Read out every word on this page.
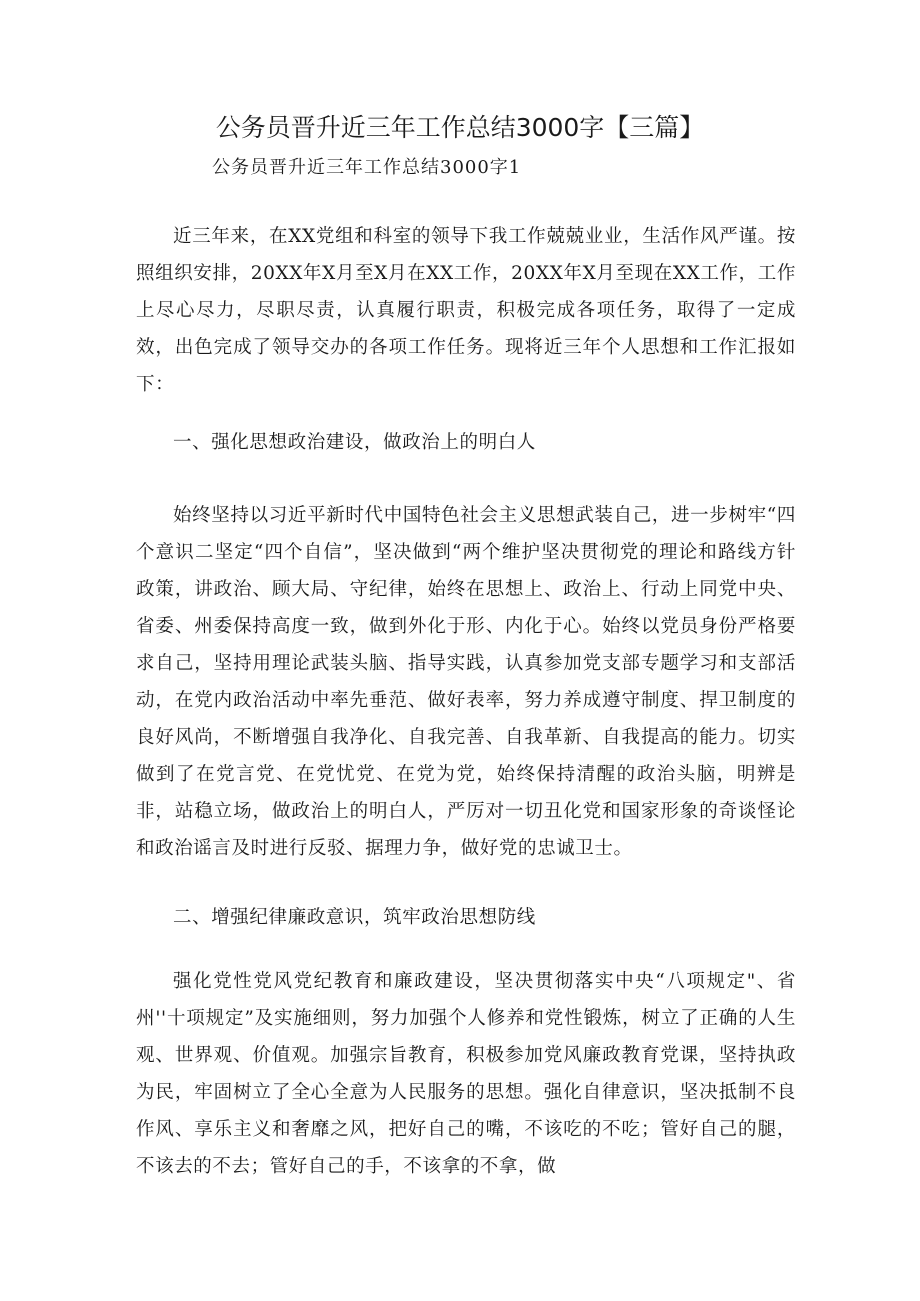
公务员晋升近三年工作总结3000字【三篇】
公务员晋升近三年工作总结3000字1

近三年来，在XX党组和科室的领导下我工作兢兢业业，生活作风严谨。按照组织安排，20XX年X月至X月在XX工作，20XX年X月至现在XX工作，工作上尽心尽力，尽职尽责，认真履行职责，积极完成各项任务，取得了一定成效，出色完成了领导交办的各项工作任务。现将近三年个人思想和工作汇报如下：

一、强化思想政治建设，做政治上的明白人

始终坚持以习近平新时代中国特色社会主义思想武装自己，进一步树牢“四个意识二坚定“四个自信”，坚决做到“两个维护坚决贯彻党的理论和路线方针政策，讲政治、顾大局、守纪律，始终在思想上、政治上、行动上同党中央、省委、州委保持高度一致，做到外化于形、内化于心。始终以党员身份严格要求自己，坚持用理论武装头脑、指导实践，认真参加党支部专题学习和支部活动，在党内政治活动中率先垂范、做好表率，努力养成遵守制度、捍卫制度的良好风尚，不断增强自我净化、自我完善、自我革新、自我提高的能力。切实做到了在党言党、在党忧党、在党为党，始终保持清醒的政治头脑，明辨是非，站稳立场，做政治上的明白人，严厉对一切丑化党和国家形象的奇谈怪论和政治谣言及时进行反驳、据理力争，做好党的忠诚卫士。

二、增强纪律廉政意识，筑牢政治思想防线

强化党性党风党纪教育和廉政建设，坚决贯彻落实中央“八项规定"、省州''十项规定”及实施细则，努力加强个人修养和党性锻炼，树立了正确的人生观、世界观、价值观。加强宗旨教育，积极参加党风廉政教育党课，坚持执政为民，牢固树立了全心全意为人民服务的思想。强化自律意识，坚决抵制不良作风、享乐主义和奢靡之风，把好自己的嘴，不该吃的不吃；管好自己的腿，不该去的不去；管好自己的手，不该拿的不拿，做
